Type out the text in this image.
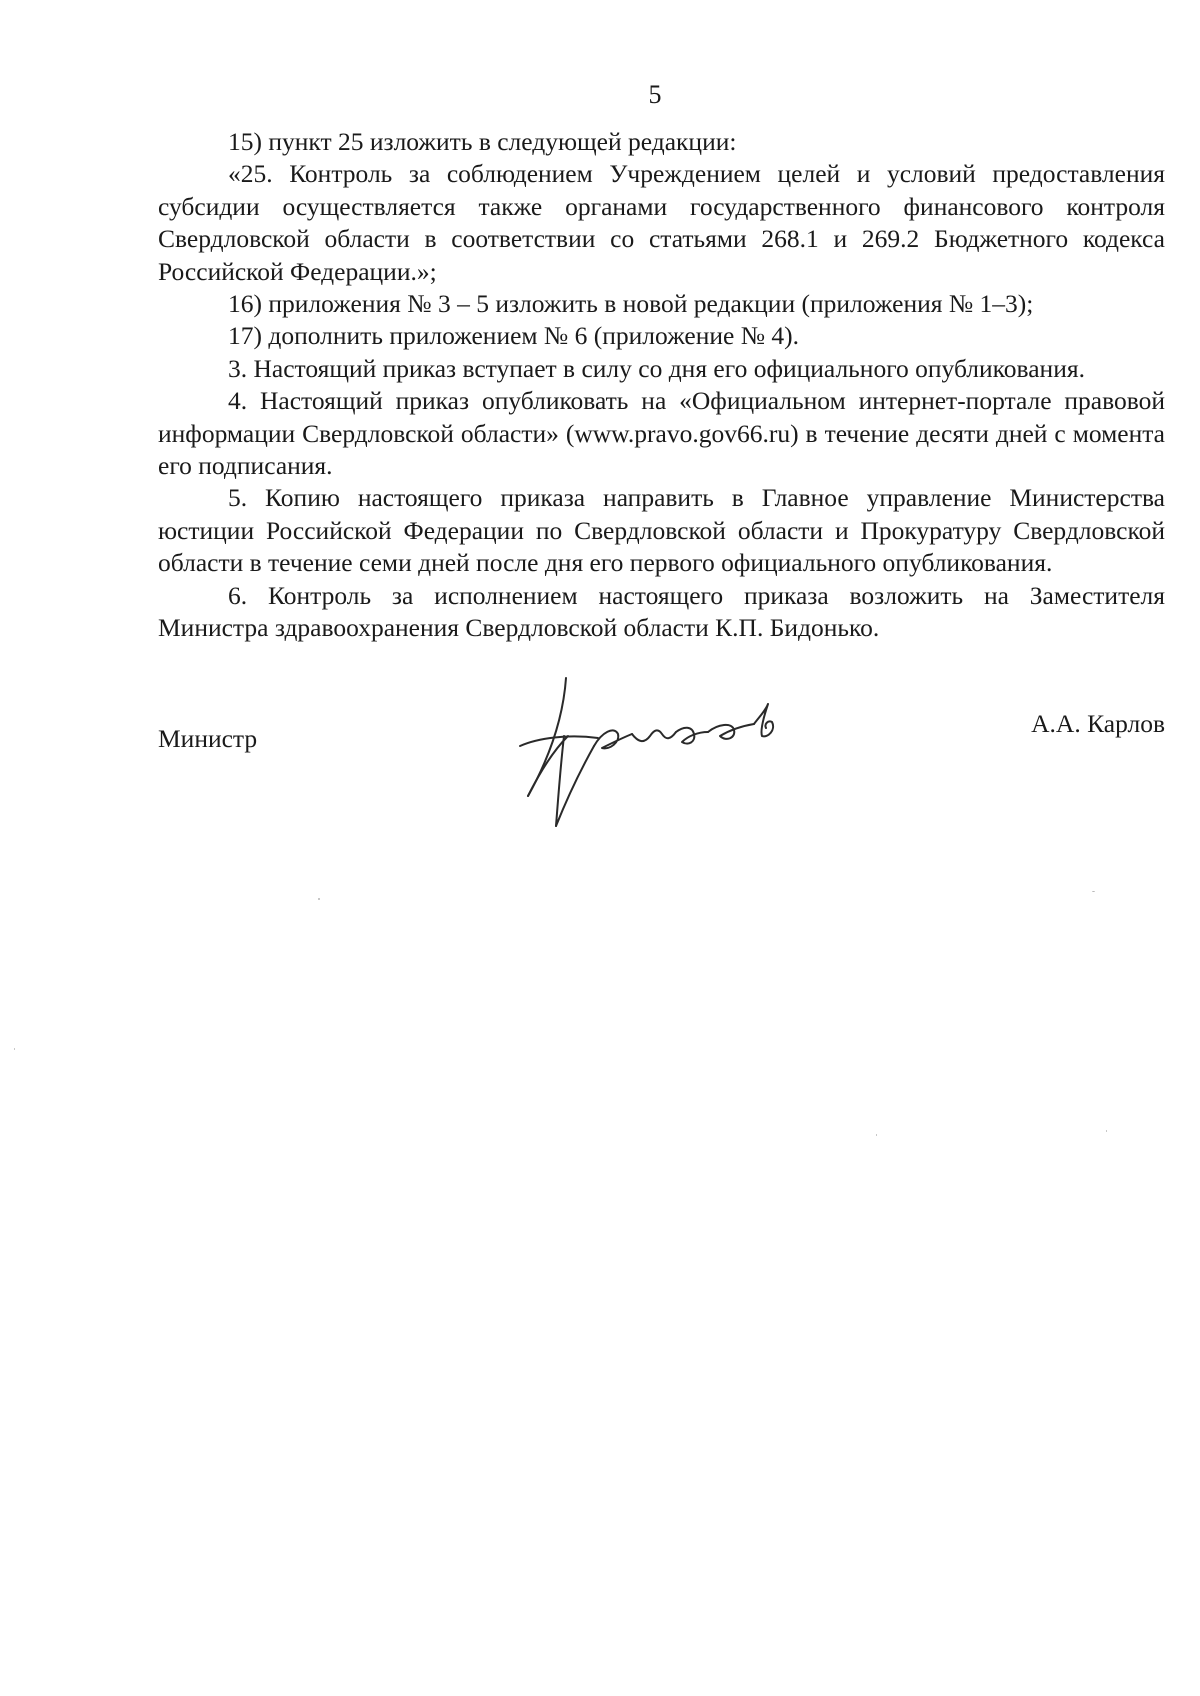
5

15) пункт 25 изложить в следующей редакции:

«25. Контроль за соблюдением Учреждением целей и условий предоставления субсидии осуществляется также органами государственного финансового контроля Свердловской области в соответствии со статьями 268.1 и 269.2 Бюджетного кодекса Российской Федерации.»;

16) приложения № 3 – 5 изложить в новой редакции (приложения № 1–3);

17) дополнить приложением № 6 (приложение № 4).

3. Настоящий приказ вступает в силу со дня его официального опубликования.

4. Настоящий приказ опубликовать на «Официальном интернет-портале правовой информации Свердловской области» (www.pravo.gov66.ru) в течение десяти дней с момента его подписания.

5. Копию настоящего приказа направить в Главное управление Министерства юстиции Российской Федерации по Свердловской области и Прокуратуру Свердловской области в течение семи дней после дня его первого официального опубликования.

6. Контроль за исполнением настоящего приказа возложить на Заместителя Министра здравоохранения Свердловской области К.П. Бидонько.

Министр
А.А. Карлов
